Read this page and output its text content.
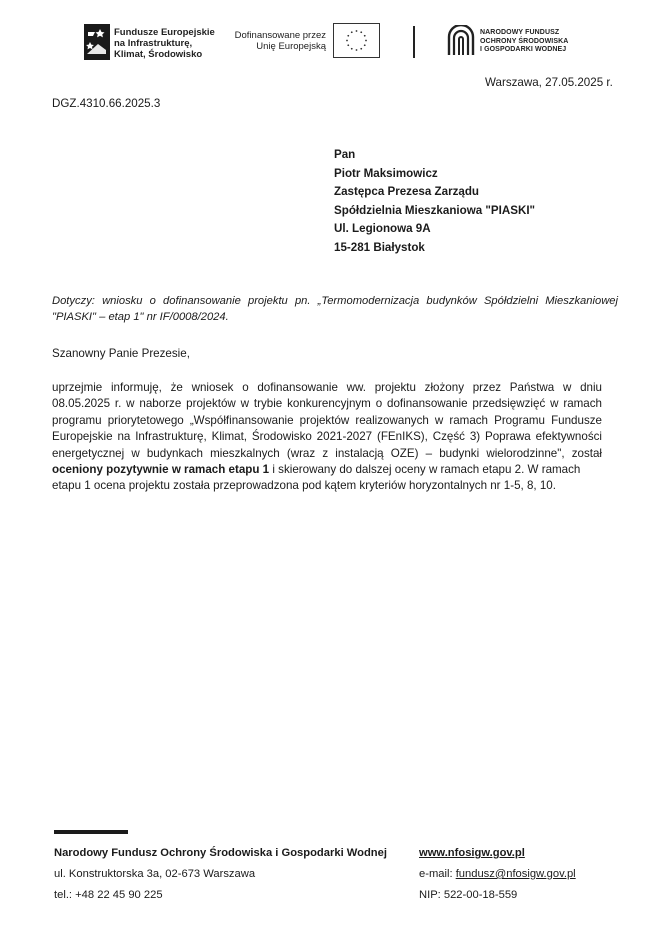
Fundusze Europejskie
na Infrastrukturę,
Klimat, Środowisko
Dofinansowane przez
Unię Europejską
NARODOWY FUNDUSZ
OCHRONY ŚRODOWISKA
I GOSPODARKI WODNEJ
Warszawa, 27.05.2025 r.
DGZ.4310.66.2025.3
Pan
Piotr Maksimowicz
Zastępca Prezesa Zarządu
Spółdzielnia Mieszkaniowa "PIASKI"
Ul. Legionowa 9A
15-281 Białystok
Dotyczy: wniosku o dofinansowanie projektu pn. „Termomodernizacja budynków Spółdzielni Mieszkaniowej
"PIASKI" – etap 1" nr IF/0008/2024.
Szanowny Panie Prezesie,
uprzejmie informuję, że wniosek o dofinansowanie ww. projektu złożony przez Państwa w dniu
08.05.2025 r. w naborze projektów w trybie konkurencyjnym o dofinansowanie przedsięwzięć w ramach
programu priorytetowego „Współfinansowanie projektów realizowanych w ramach Programu Fundusze
Europejskie na Infrastrukturę, Klimat, Środowisko 2021-2027 (FEnIKS), Część 3) Poprawa efektywności
energetycznej w budynkach mieszkalnych (wraz z instalacją OZE) – budynki wielorodzinne", został
oceniony pozytywnie w ramach etapu 1 i skierowany do dalszej oceny w ramach etapu 2. W ramach
etapu 1 ocena projektu została przeprowadzona pod kątem kryteriów horyzontalnych nr 1-5, 8, 10.
Narodowy Fundusz Ochrony Środowiska i Gospodarki Wodnej
ul. Konstruktorska 3a, 02-673 Warszawa
tel.: +48 22 45 90 225
www.nfosigw.gov.pl
e-mail: fundusz@nfosigw.gov.pl
NIP: 522-00-18-559
